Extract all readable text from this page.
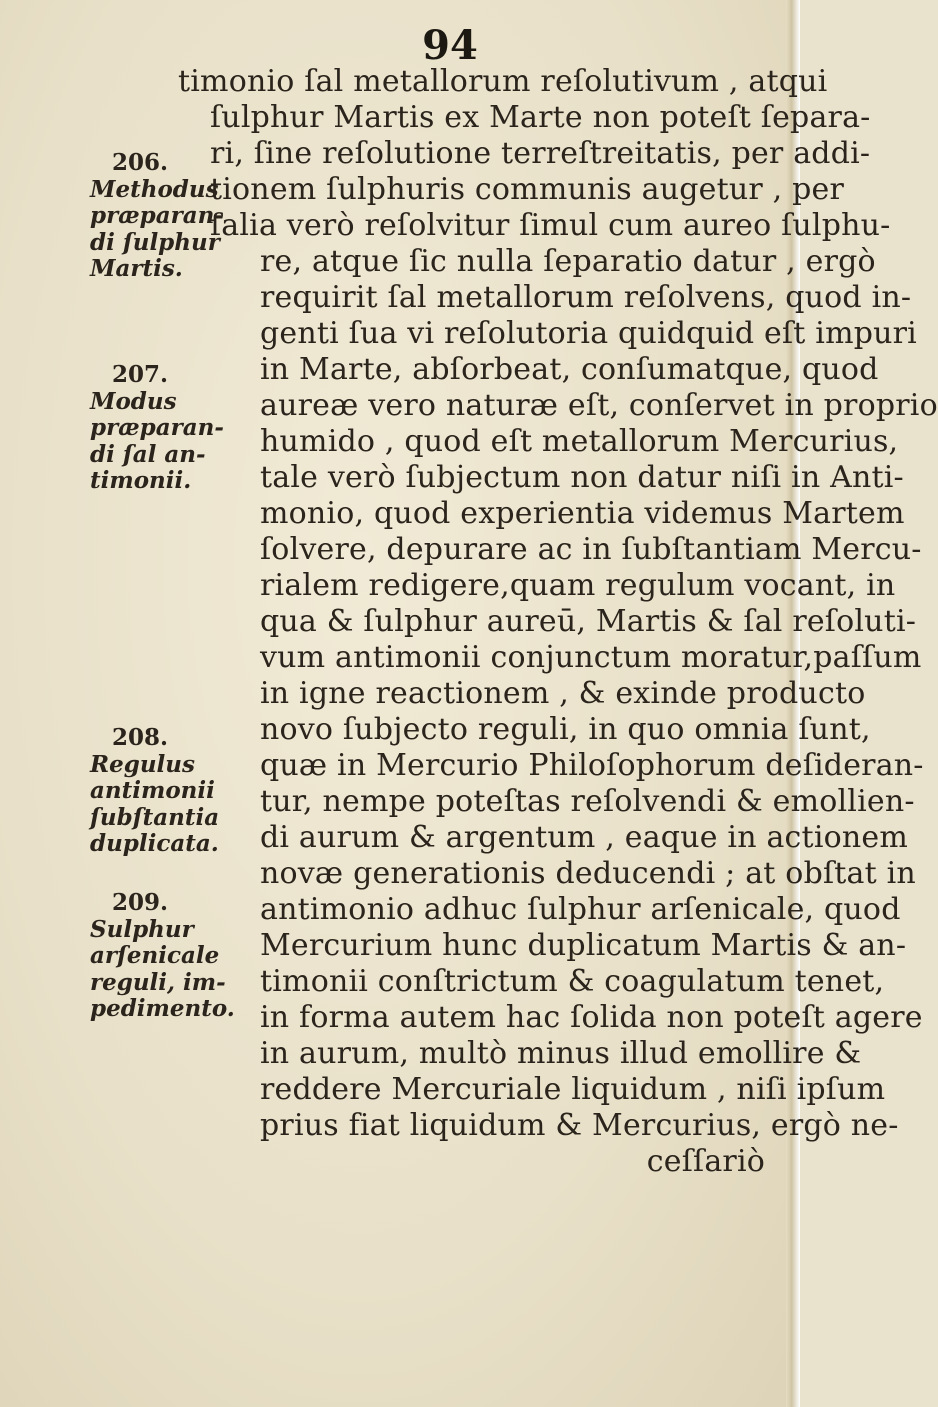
94
206.
Methodus
præparan-
di ſulphur
Martis.
207.
Modus
præparan-
di ſal an-
timonii.
208.
Regulus
antimonii
ſubſtantia
duplicata.
209.
Sulphur
arſenicale
reguli, im-
pedimento.
timonio ſal metallorum reſolutivum , atqui
ſulphur Martis ex Marte non poteſt ſepara-
ri, ſine reſolutione terreſtreitatis, per addi-
tionem ſulphuris communis augetur , per
ſalia verò reſolvitur ſimul cum aureo ſulphu-
re, atque ſic nulla ſeparatio datur , ergò
requirit ſal metallorum reſolvens, quod in-
genti ſua vi reſolutoria quidquid eſt impuri
in Marte, abſorbeat, conſumatque, quod
aureæ vero naturæ eſt, conſervet in proprio
humido , quod eſt metallorum Mercurius,
tale verò ſubjectum non datur niſi in Anti-
monio, quod experientia videmus Martem
ſolvere, depurare ac in ſubſtantiam Mercu-
rialem redigere,quam regulum vocant, in
qua & ſulphur aureū, Martis & ſal reſoluti-
vum antimonii conjunctum moratur,paſſum
in igne reactionem , & exinde producto
novo ſubjecto reguli, in quo omnia ſunt,
quæ in Mercurio Philoſophorum deſideran-
tur, nempe poteſtas reſolvendi & emollien-
di aurum & argentum , eaque in actionem
novæ generationis deducendi ; at obſtat in
antimonio adhuc ſulphur arſenicale, quod
Mercurium hunc duplicatum Martis & an-
timonii conſtrictum & coagulatum tenet,
in forma autem hac ſolida non poteſt agere
in aurum, multò minus illud emollire &
reddere Mercuriale liquidum , niſi ipſum
prius fiat liquidum & Mercurius, ergò ne-
ceſſariò
